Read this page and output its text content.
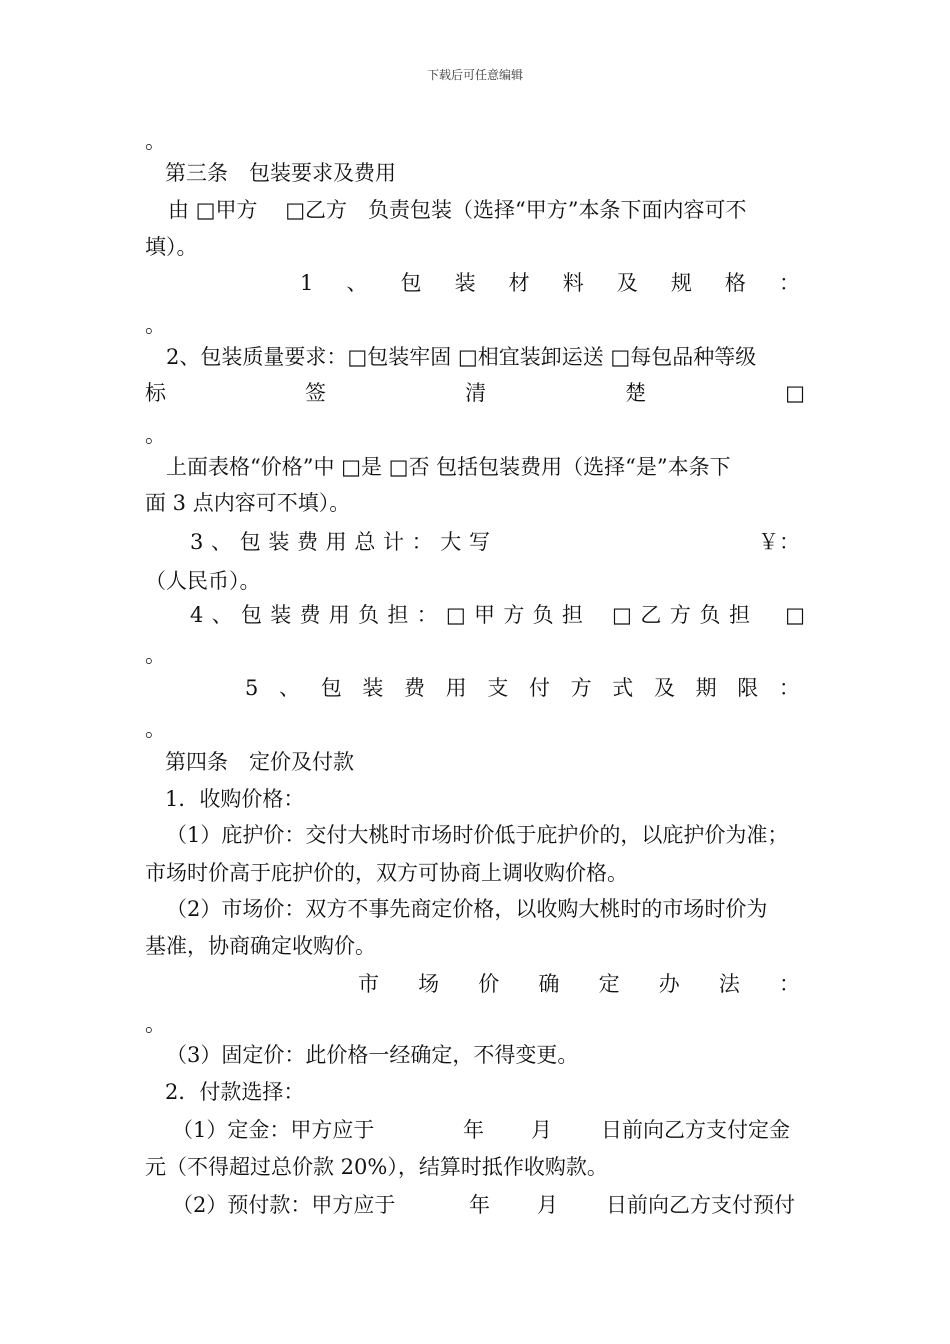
下载后可任意编辑
。
第三条　包装要求及费用
由 □甲方　 □乙方　负责包装（选择“甲方”本条下面内容可不
填）。
1 、 包 装 材 料 及 规 格 ：
。
2、包装质量要求：□包装牢固 □相宜装卸运送 □每包品种等级
标	签	清	楚	□
。
上面表格“价格”中 □是 □否 包括包装费用（选择“是”本条下
面 3 点内容可不填）。
3 、 包 装 费 用 总 计 ： 大 写	￥：
（人民币）。
4 、 包 装 费 用 负 担 ： □ 甲 方 负 担 □ 乙 方 负 担	□
。
5 、 包 装 费 用 支 付 方 式 及 期 限 ：
。
第四条　定价及付款
1．收购价格：
（1）庇护价：交付大桃时市场时价低于庇护价的，以庇护价为准；
市场时价高于庇护价的，双方可协商上调收购价格。
（2）市场价：双方不事先商定价格，以收购大桃时的市场时价为
基准，协商确定收购价。
市 场 价 确 定 办 法 ：
。
（3）固定价：此价格一经确定，不得变更。
2．付款选择：
（1）定金：甲方应于	年	月	日前向乙方支付定金
元（不得超过总价款 20%），结算时抵作收购款。
（2）预付款：甲方应于	年	月	日前向乙方支付预付
